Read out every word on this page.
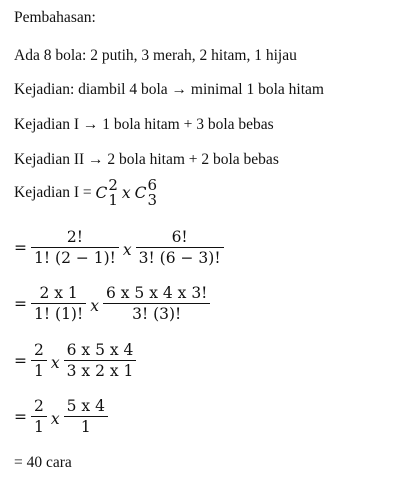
Pembahasan:
Ada 8 bola: 2 putih, 3 merah, 2 hitam, 1 hijau
Kejadian: diambil 4 bola → minimal 1 bola hitam
Kejadian I → 1 bola hitam + 3 bola bebas
Kejadian II → 2 bola hitam + 2 bola bebas
Kejadian I = C 2
1 x C 6
3
= $\frac{2!}{1! (2 - 1)!}$ x $\frac{6!}{3! (6 - 3)!}$
= $\frac{2 x 1}{1! (1)!}$ x $\frac{6 x 5 x 4 x 3!}{3! (3)!}$
= $\frac{2}{1}$ x $\frac{6 x 5 x 4}{3 x 2 x 1}$
= $\frac{2}{1}$ x $\frac{5 x 4}{1}$
= 40 cara
